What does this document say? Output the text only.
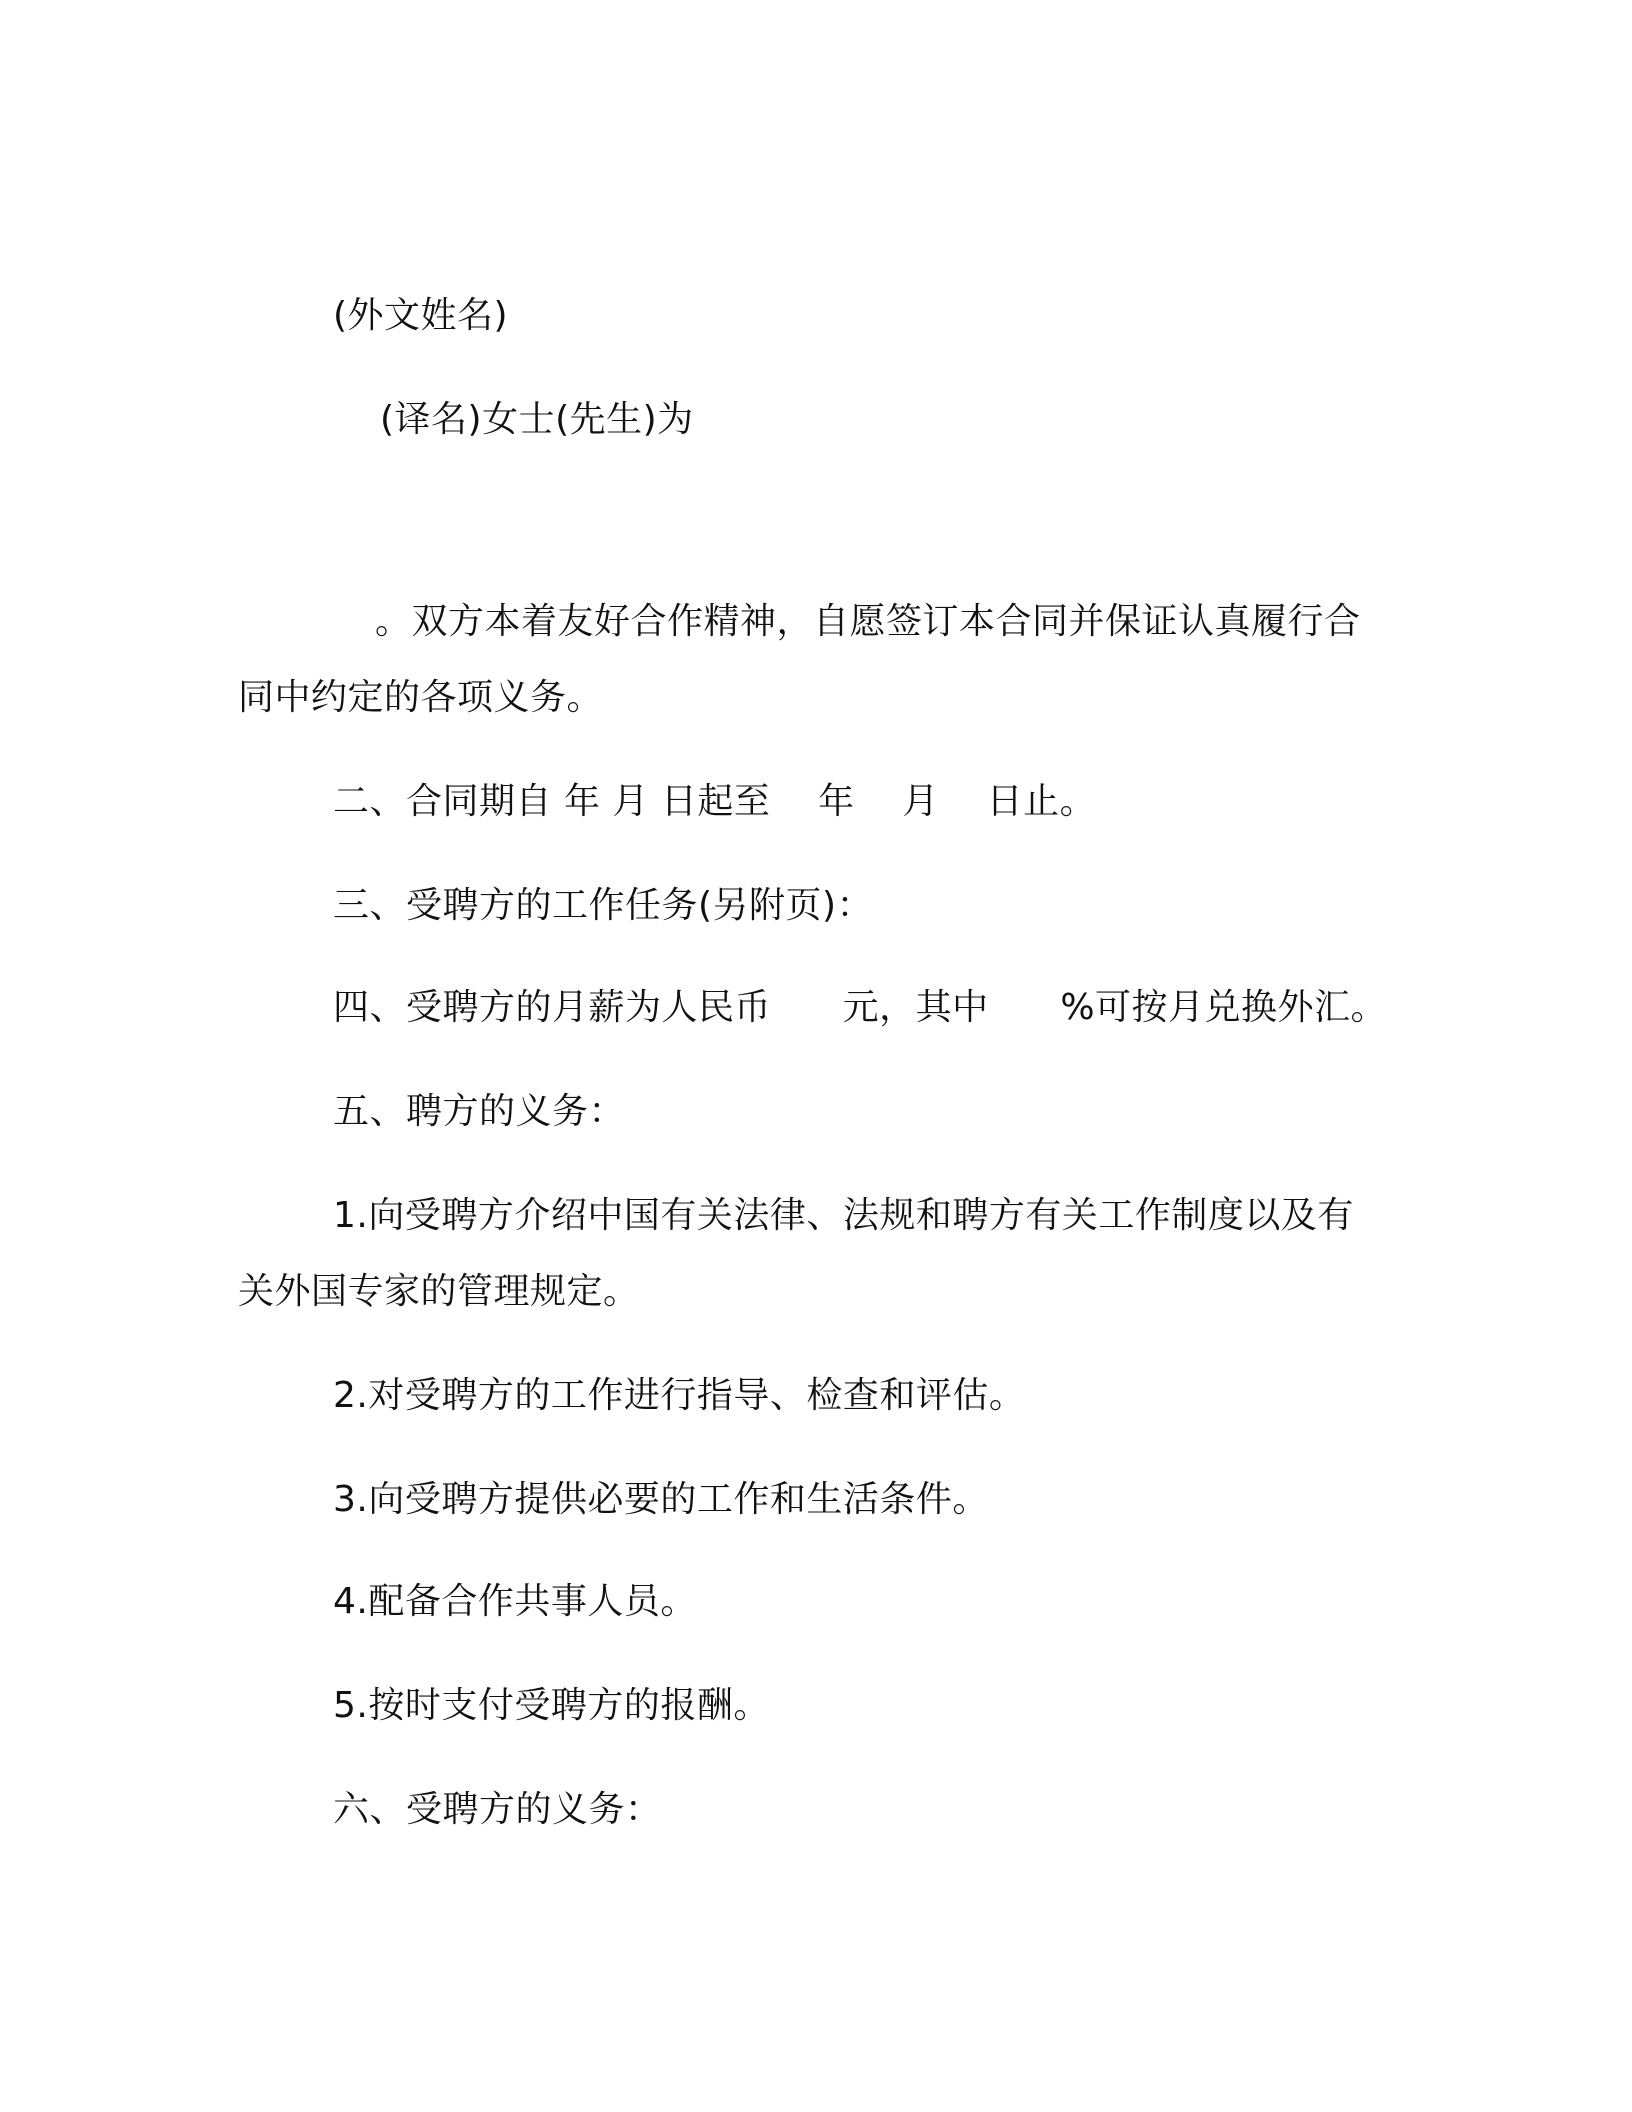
(外文姓名)
(译名)女士(先生)为
。双方本着友好合作精神，自愿签订本合同并保证认真履行合
同中约定的各项义务。
二、合同期自 年 月 日起至    年    月    日止。
三、受聘方的工作任务(另附页)：
四、受聘方的月薪为人民币      元，其中      %可按月兑换外汇。
五、聘方的义务：
1.向受聘方介绍中国有关法律、法规和聘方有关工作制度以及有
关外国专家的管理规定。
2.对受聘方的工作进行指导、检查和评估。
3.向受聘方提供必要的工作和生活条件。
4.配备合作共事人员。
5.按时支付受聘方的报酬。
六、受聘方的义务：
